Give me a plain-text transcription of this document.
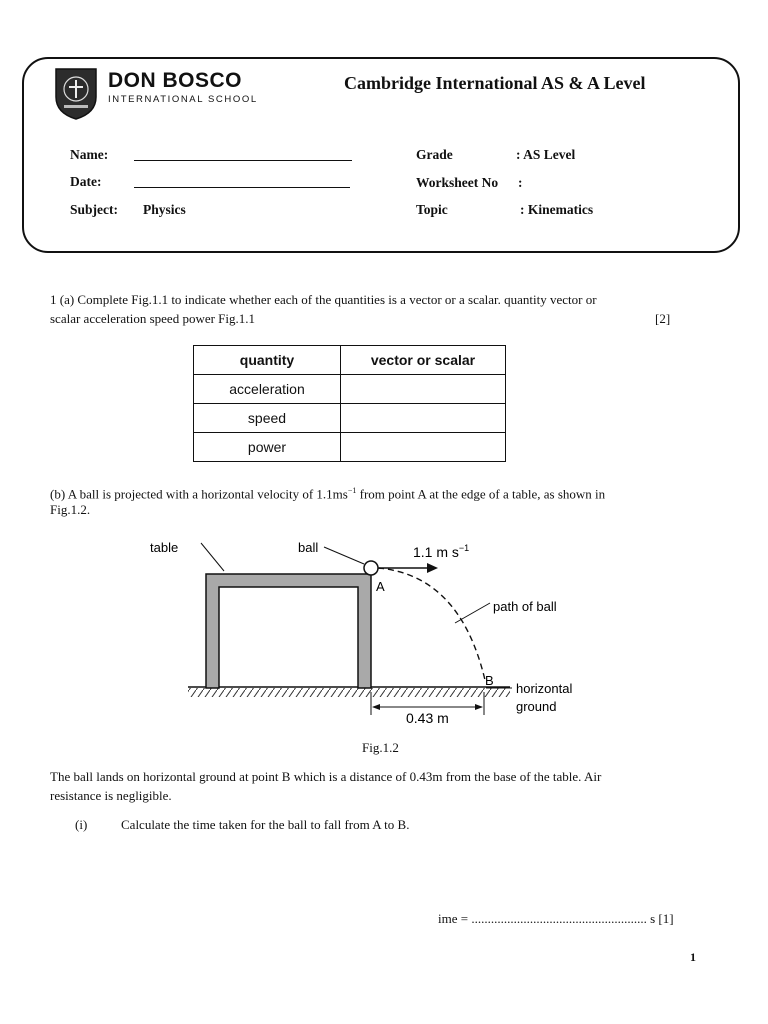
DON BOSCO
INTERNATIONAL SCHOOL
Cambridge International AS & A Level
Name:
Date:
Subject: Physics
Grade	: AS Level
Worksheet No :
Topic	: Kinematics
1 (a) Complete Fig.1.1 to indicate whether each of the quantities is a vector or a scalar. quantity vector or
scalar acceleration speed power Fig.1.1	[2]
quantity	vector or scalar
acceleration	
speed	
power	
(b) A ball is projected with a horizontal velocity of $1.1ms^{-1}$ from point A at the edge of a table, as shown in
Fig.1.2.
table	ball	1.1 m $s^{-1}$
A
path of ball
B
horizontal
ground
0.43 m
Fig.1.2
The ball lands on horizontal ground at point B which is a distance of 0.43m from the base of the table. Air
resistance is negligible.
(i)	Calculate the time taken for the ball to fall from A to B.
ime = ...................................................... s [1]
1
